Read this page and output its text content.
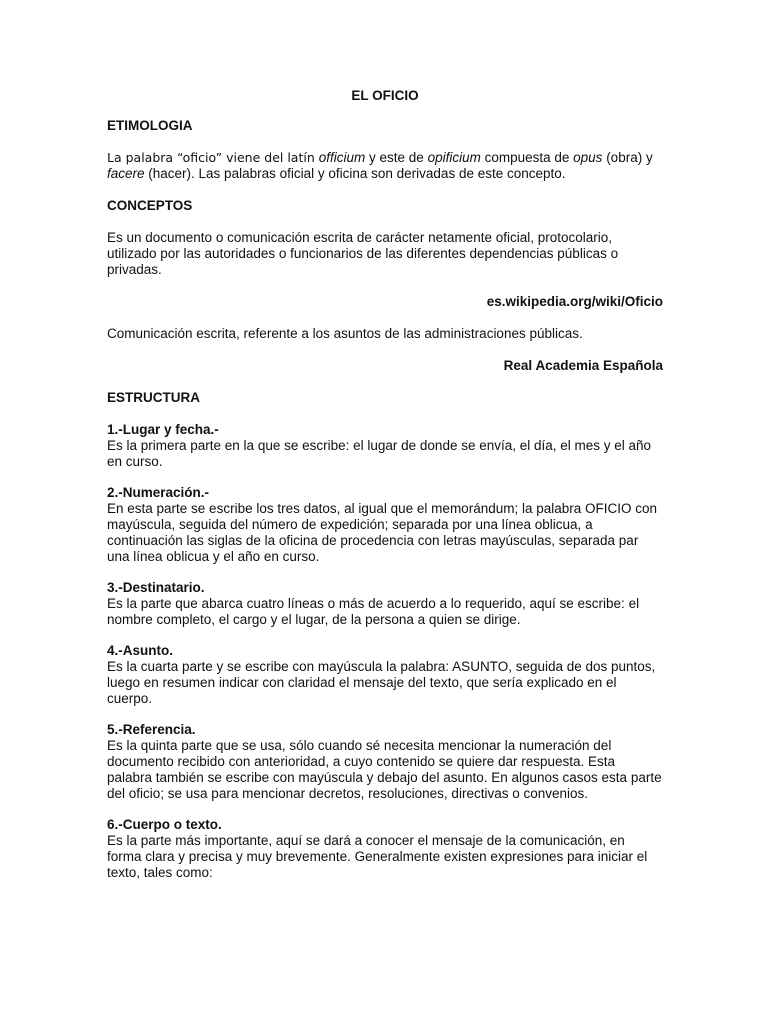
EL OFICIO
ETIMOLOGIA
La palabra “oficio” viene del latín officium y este de opificium compuesta de opus (obra) y facere (hacer). Las palabras oficial y oficina son derivadas de este concepto.
CONCEPTOS
Es un documento o comunicación escrita de carácter netamente oficial, protocolario, utilizado por las autoridades o funcionarios de las diferentes dependencias públicas o privadas.
es.wikipedia.org/wiki/Oficio
Comunicación escrita, referente a los asuntos de las administraciones públicas.
Real Academia Española
ESTRUCTURA
1.-Lugar y fecha.-
Es la primera parte en la que se escribe: el lugar de donde se envía, el día, el mes y el año en curso.
2.-Numeración.-
En esta parte se escribe los tres datos, al igual que el memorándum; la palabra OFICIO con mayúscula, seguida del número de expedición; separada por una línea oblicua, a continuación las siglas de la oficina de procedencia con letras mayúsculas, separada par una línea oblicua y el año en curso.
3.-Destinatario.
Es la parte que abarca cuatro líneas o más de acuerdo a lo requerido, aquí se escribe: el nombre completo, el cargo y el lugar, de la persona a quien se dirige.
4.-Asunto.
Es la cuarta parte y se escribe con mayúscula la palabra: ASUNTO, seguida de dos puntos, luego en resumen indicar con claridad el mensaje del texto, que sería explicado en el cuerpo.
5.-Referencia.
Es la quinta parte que se usa, sólo cuando sé necesita mencionar la numeración del documento recibido con anterioridad, a cuyo contenido se quiere dar respuesta. Esta palabra también se escribe con mayúscula y debajo del asunto. En algunos casos esta parte del oficio; se usa para mencionar decretos, resoluciones, directivas o convenios.
6.-Cuerpo o texto.
Es la parte más importante, aquí se dará a conocer el mensaje de la comunicación, en forma clara y precisa y muy brevemente. Generalmente existen expresiones para iniciar el texto, tales como:
